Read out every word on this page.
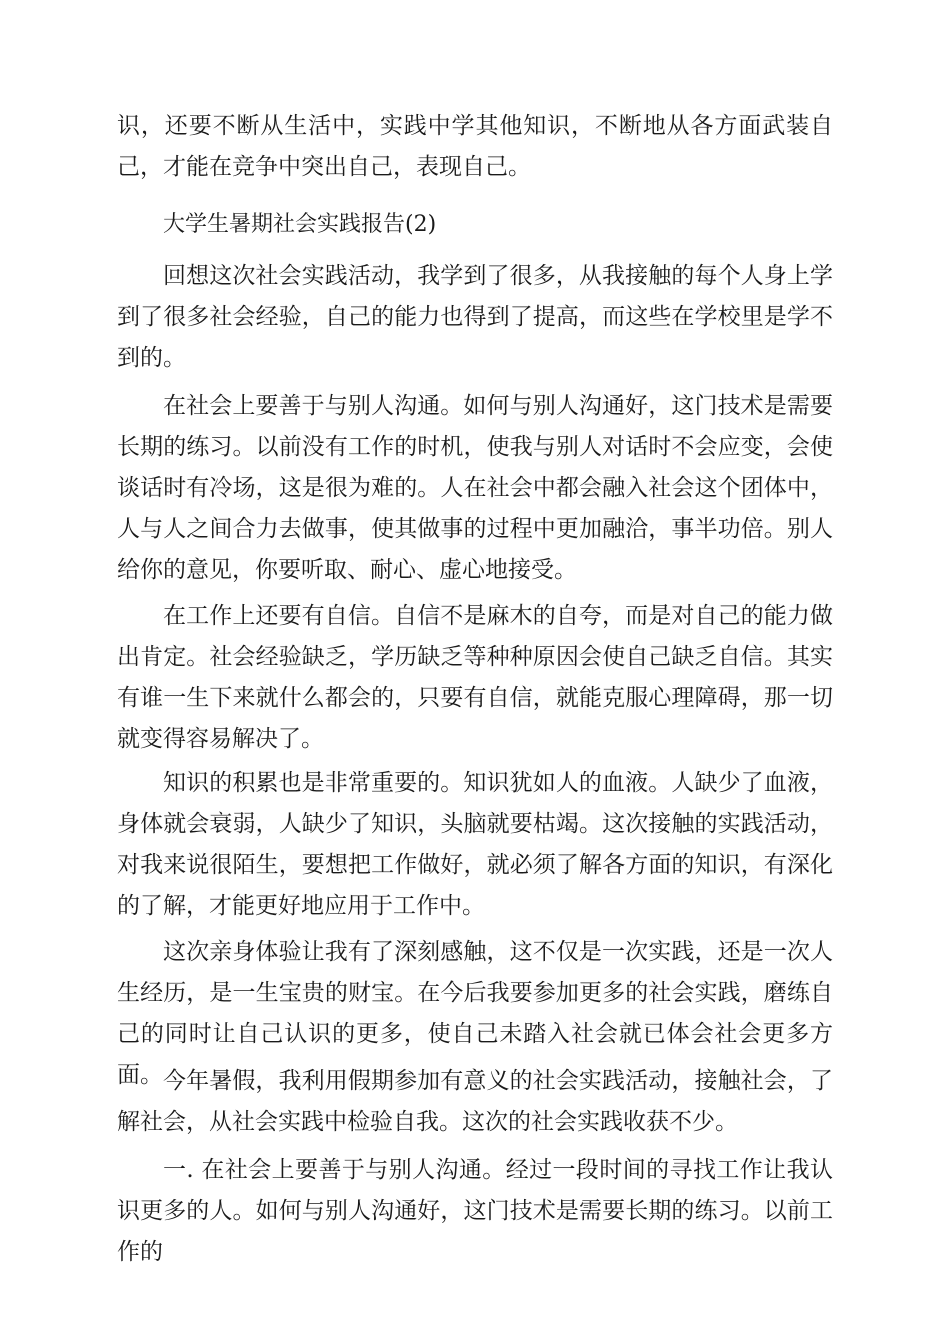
识，还要不断从生活中，实践中学其他知识，不断地从各方面武装自己，才能在竞争中突出自己，表现自己。

大学生暑期社会实践报告(2)

回想这次社会实践活动，我学到了很多，从我接触的每个人身上学到了很多社会经验，自己的能力也得到了提高，而这些在学校里是学不到的。

在社会上要善于与别人沟通。如何与别人沟通好，这门技术是需要长期的练习。以前没有工作的时机，使我与别人对话时不会应变，会使谈话时有冷场，这是很为难的。人在社会中都会融入社会这个团体中，人与人之间合力去做事，使其做事的过程中更加融洽，事半功倍。别人给你的意见，你要听取、耐心、虚心地接受。

在工作上还要有自信。自信不是麻木的自夸，而是对自己的能力做出肯定。社会经验缺乏，学历缺乏等种种原因会使自己缺乏自信。其实有谁一生下来就什么都会的，只要有自信，就能克服心理障碍，那一切就变得容易解决了。

知识的积累也是非常重要的。知识犹如人的血液。人缺少了血液，身体就会衰弱，人缺少了知识，头脑就要枯竭。这次接触的实践活动，对我来说很陌生，要想把工作做好，就必须了解各方面的知识，有深化的了解，才能更好地应用于工作中。

这次亲身体验让我有了深刻感触，这不仅是一次实践，还是一次人生经历，是一生宝贵的财宝。在今后我要参加更多的社会实践，磨练自己的同时让自己认识的更多，使自己未踏入社会就已体会社会更多方面。 今年暑假，我利用假期参加有意义的社会实践活动，接触社会，了解社会，从社会实践中检验自我。这次的社会实践收获不少。

一. 在社会上要善于与别人沟通。经过一段时间的寻找工作让我认识更多的人。如何与别人沟通好，这门技术是需要长期的练习。以前工作的
